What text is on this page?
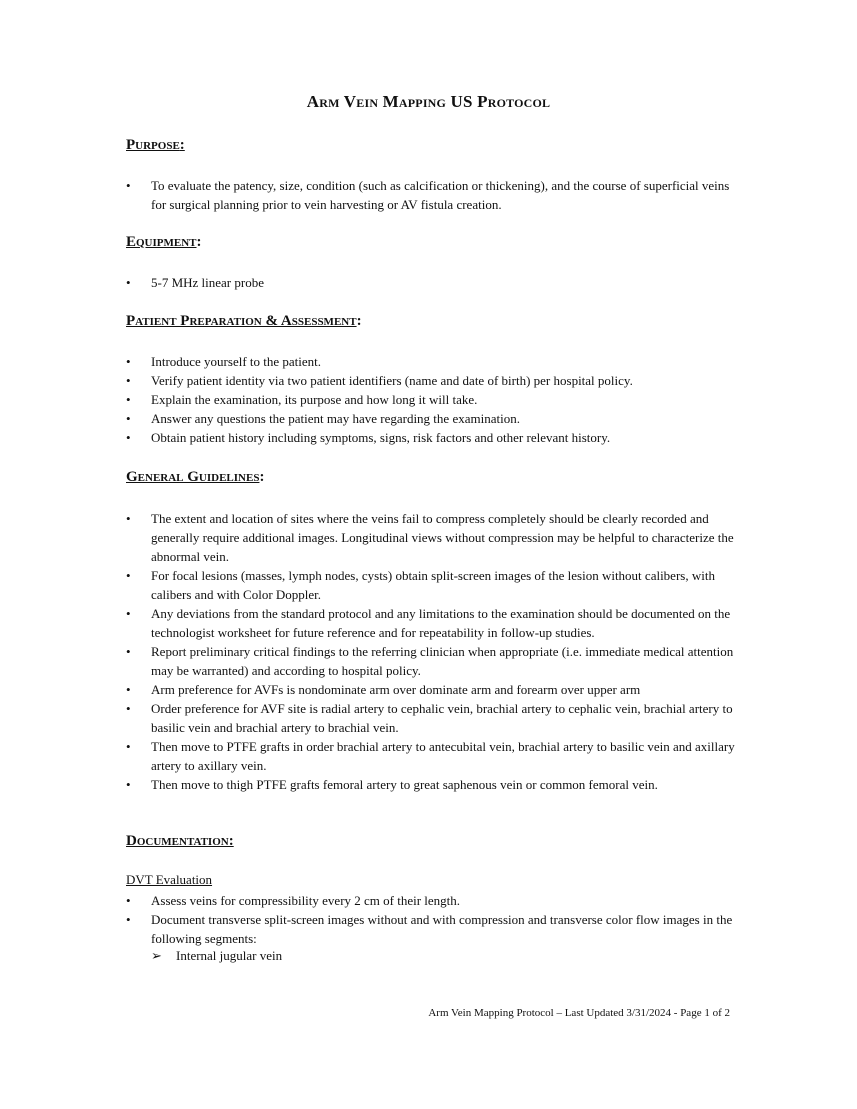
Arm Vein Mapping US Protocol
Purpose:
• To evaluate the patency, size, condition (such as calcification or thickening), and the course of superficial veins for surgical planning prior to vein harvesting or AV fistula creation.
Equipment:
• 5-7 MHz linear probe
Patient Preparation & Assessment:
• Introduce yourself to the patient.
• Verify patient identity via two patient identifiers (name and date of birth) per hospital policy.
• Explain the examination, its purpose and how long it will take.
• Answer any questions the patient may have regarding the examination.
• Obtain patient history including symptoms, signs, risk factors and other relevant history.
General Guidelines:
• The extent and location of sites where the veins fail to compress completely should be clearly recorded and generally require additional images. Longitudinal views without compression may be helpful to characterize the abnormal vein.
• For focal lesions (masses, lymph nodes, cysts) obtain split-screen images of the lesion without calibers, with calibers and with Color Doppler.
• Any deviations from the standard protocol and any limitations to the examination should be documented on the technologist worksheet for future reference and for repeatability in follow-up studies.
• Report preliminary critical findings to the referring clinician when appropriate (i.e. immediate medical attention may be warranted) and according to hospital policy.
• Arm preference for AVFs is nondominate arm over dominate arm and forearm over upper arm
• Order preference for AVF site is radial artery to cephalic vein, brachial artery to cephalic vein, brachial artery to basilic vein and brachial artery to brachial vein.
• Then move to PTFE grafts in order brachial artery to antecubital vein, brachial artery to basilic vein and axillary artery to axillary vein.
• Then move to thigh PTFE grafts femoral artery to great saphenous vein or common femoral vein.
Documentation:
DVT Evaluation
• Assess veins for compressibility every 2 cm of their length.
• Document transverse split-screen images without and with compression and transverse color flow images in the following segments:
➢ Internal jugular vein
Arm Vein Mapping Protocol – Last Updated 3/31/2024 - Page 1 of 2
